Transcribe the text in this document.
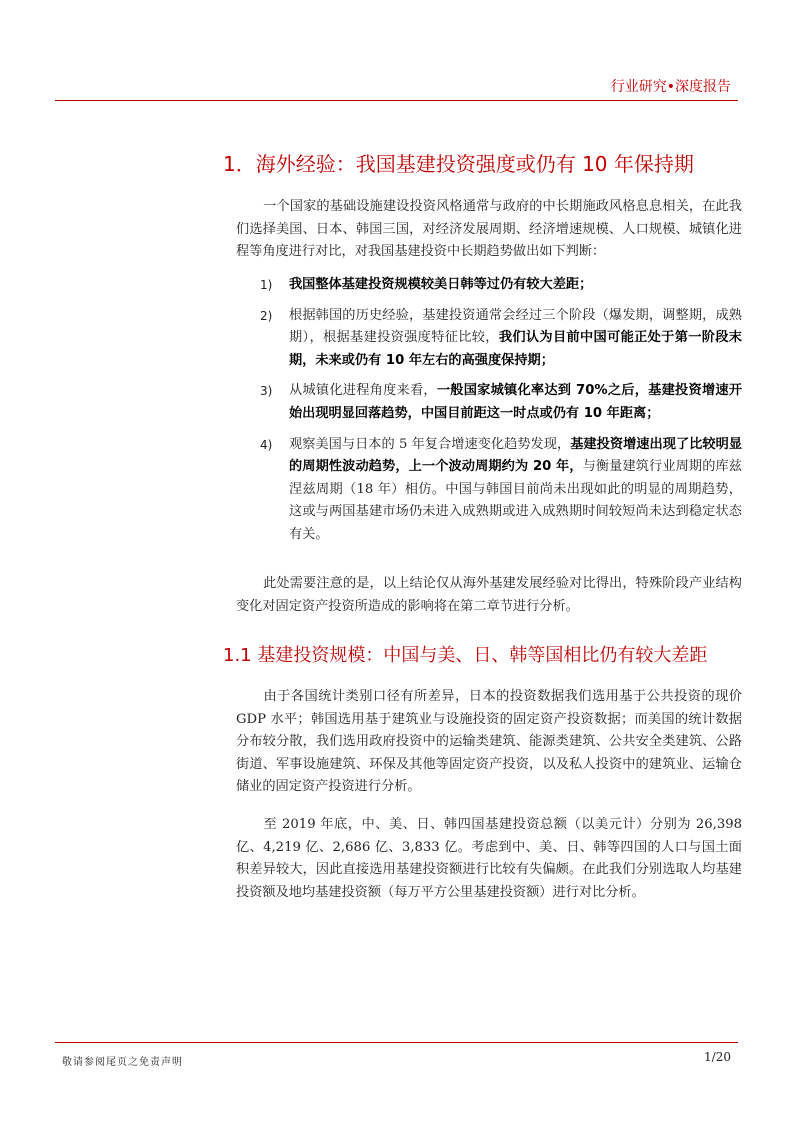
行业研究•深度报告
1．海外经验：我国基建投资强度或仍有 10 年保持期
一个国家的基础设施建设投资风格通常与政府的中长期施政风格息息相关，在此我们选择美国、日本、韩国三国，对经济发展周期、经济增速规模、人口规模、城镇化进程等角度进行对比，对我国基建投资中长期趋势做出如下判断：
1) 我国整体基建投资规模较美日韩等过仍有较大差距；
2) 根据韩国的历史经验，基建投资通常会经过三个阶段（爆发期，调整期，成熟期），根据基建投资强度特征比较，我们认为目前中国可能正处于第一阶段末期，未来或仍有 10 年左右的高强度保持期；
3) 从城镇化进程角度来看，一般国家城镇化率达到 70%之后，基建投资增速开始出现明显回落趋势，中国目前距这一时点或仍有 10 年距离；
4) 观察美国与日本的 5 年复合增速变化趋势发现，基建投资增速出现了比较明显的周期性波动趋势，上一个波动周期约为 20 年，与衡量建筑行业周期的库兹涅兹周期（18 年）相仿。中国与韩国目前尚未出现如此的明显的周期趋势，这或与两国基建市场仍未进入成熟期或进入成熟期时间较短尚未达到稳定状态有关。
此处需要注意的是，以上结论仅从海外基建发展经验对比得出，特殊阶段产业结构变化对固定资产投资所造成的影响将在第二章节进行分析。
1.1 基建投资规模：中国与美、日、韩等国相比仍有较大差距
由于各国统计类别口径有所差异，日本的投资数据我们选用基于公共投资的现价 GDP 水平；韩国选用基于建筑业与设施投资的固定资产投资数据；而美国的统计数据分布较分散，我们选用政府投资中的运输类建筑、能源类建筑、公共安全类建筑、公路街道、军事设施建筑、环保及其他等固定资产投资，以及私人投资中的建筑业、运输仓储业的固定资产投资进行分析。
至 2019 年底，中、美、日、韩四国基建投资总额（以美元计）分别为 26,398 亿、4,219 亿、2,686 亿、3,833 亿。考虑到中、美、日、韩等四国的人口与国土面积差异较大，因此直接选用基建投资额进行比较有失偏颇。在此我们分别选取人均基建投资额及地均基建投资额（每万平方公里基建投资额）进行对比分析。
敬请参阅尾页之免责声明	1/20
